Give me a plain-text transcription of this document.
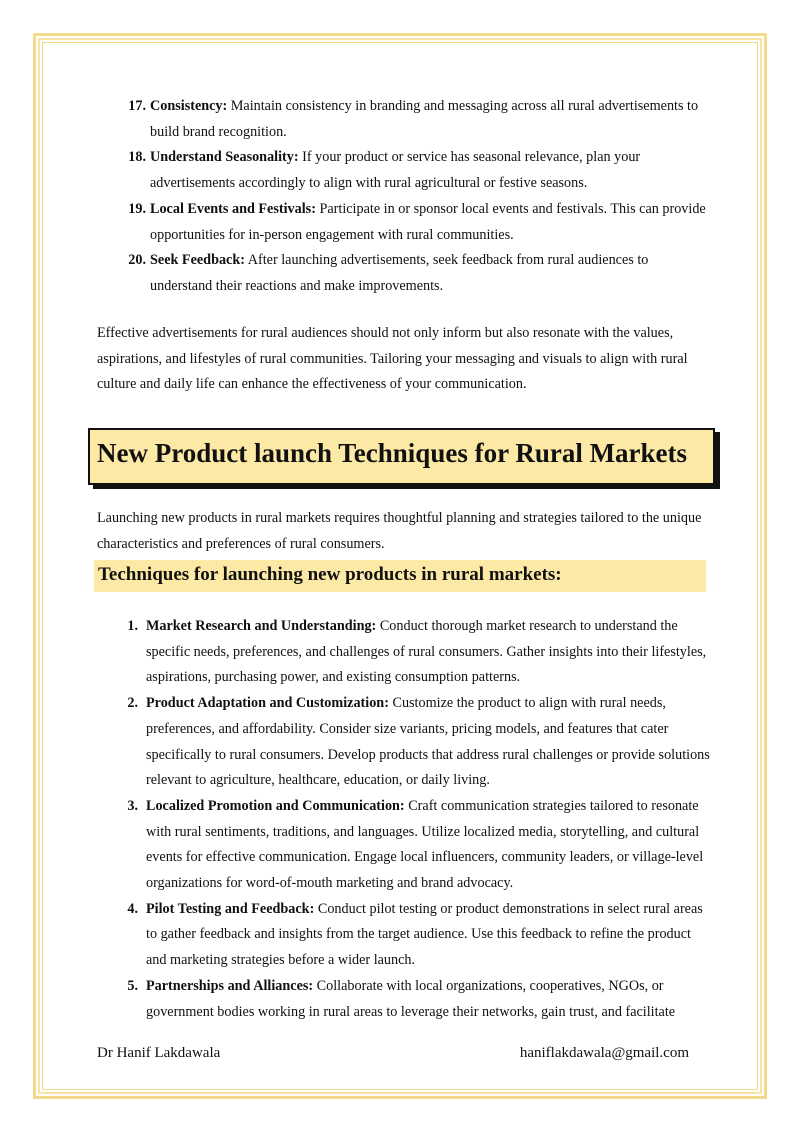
17. Consistency: Maintain consistency in branding and messaging across all rural advertisements to build brand recognition.
18. Understand Seasonality: If your product or service has seasonal relevance, plan your advertisements accordingly to align with rural agricultural or festive seasons.
19. Local Events and Festivals: Participate in or sponsor local events and festivals. This can provide opportunities for in-person engagement with rural communities.
20. Seek Feedback: After launching advertisements, seek feedback from rural audiences to understand their reactions and make improvements.

Effective advertisements for rural audiences should not only inform but also resonate with the values, aspirations, and lifestyles of rural communities. Tailoring your messaging and visuals to align with rural culture and daily life can enhance the effectiveness of your communication.

New Product launch Techniques for Rural Markets

Launching new products in rural markets requires thoughtful planning and strategies tailored to the unique characteristics and preferences of rural consumers.

Techniques for launching new products in rural markets:
1. Market Research and Understanding: Conduct thorough market research to understand the specific needs, preferences, and challenges of rural consumers. Gather insights into their lifestyles, aspirations, purchasing power, and existing consumption patterns.
2. Product Adaptation and Customization: Customize the product to align with rural needs, preferences, and affordability. Consider size variants, pricing models, and features that cater specifically to rural consumers. Develop products that address rural challenges or provide solutions relevant to agriculture, healthcare, education, or daily living.
3. Localized Promotion and Communication: Craft communication strategies tailored to resonate with rural sentiments, traditions, and languages. Utilize localized media, storytelling, and cultural events for effective communication. Engage local influencers, community leaders, or village-level organizations for word-of-mouth marketing and brand advocacy.
4. Pilot Testing and Feedback: Conduct pilot testing or product demonstrations in select rural areas to gather feedback and insights from the target audience. Use this feedback to refine the product and marketing strategies before a wider launch.
5. Partnerships and Alliances: Collaborate with local organizations, cooperatives, NGOs, or government bodies working in rural areas to leverage their networks, gain trust, and facilitate
Dr Hanif Lakdawala	haniflakdawala@gmail.com
